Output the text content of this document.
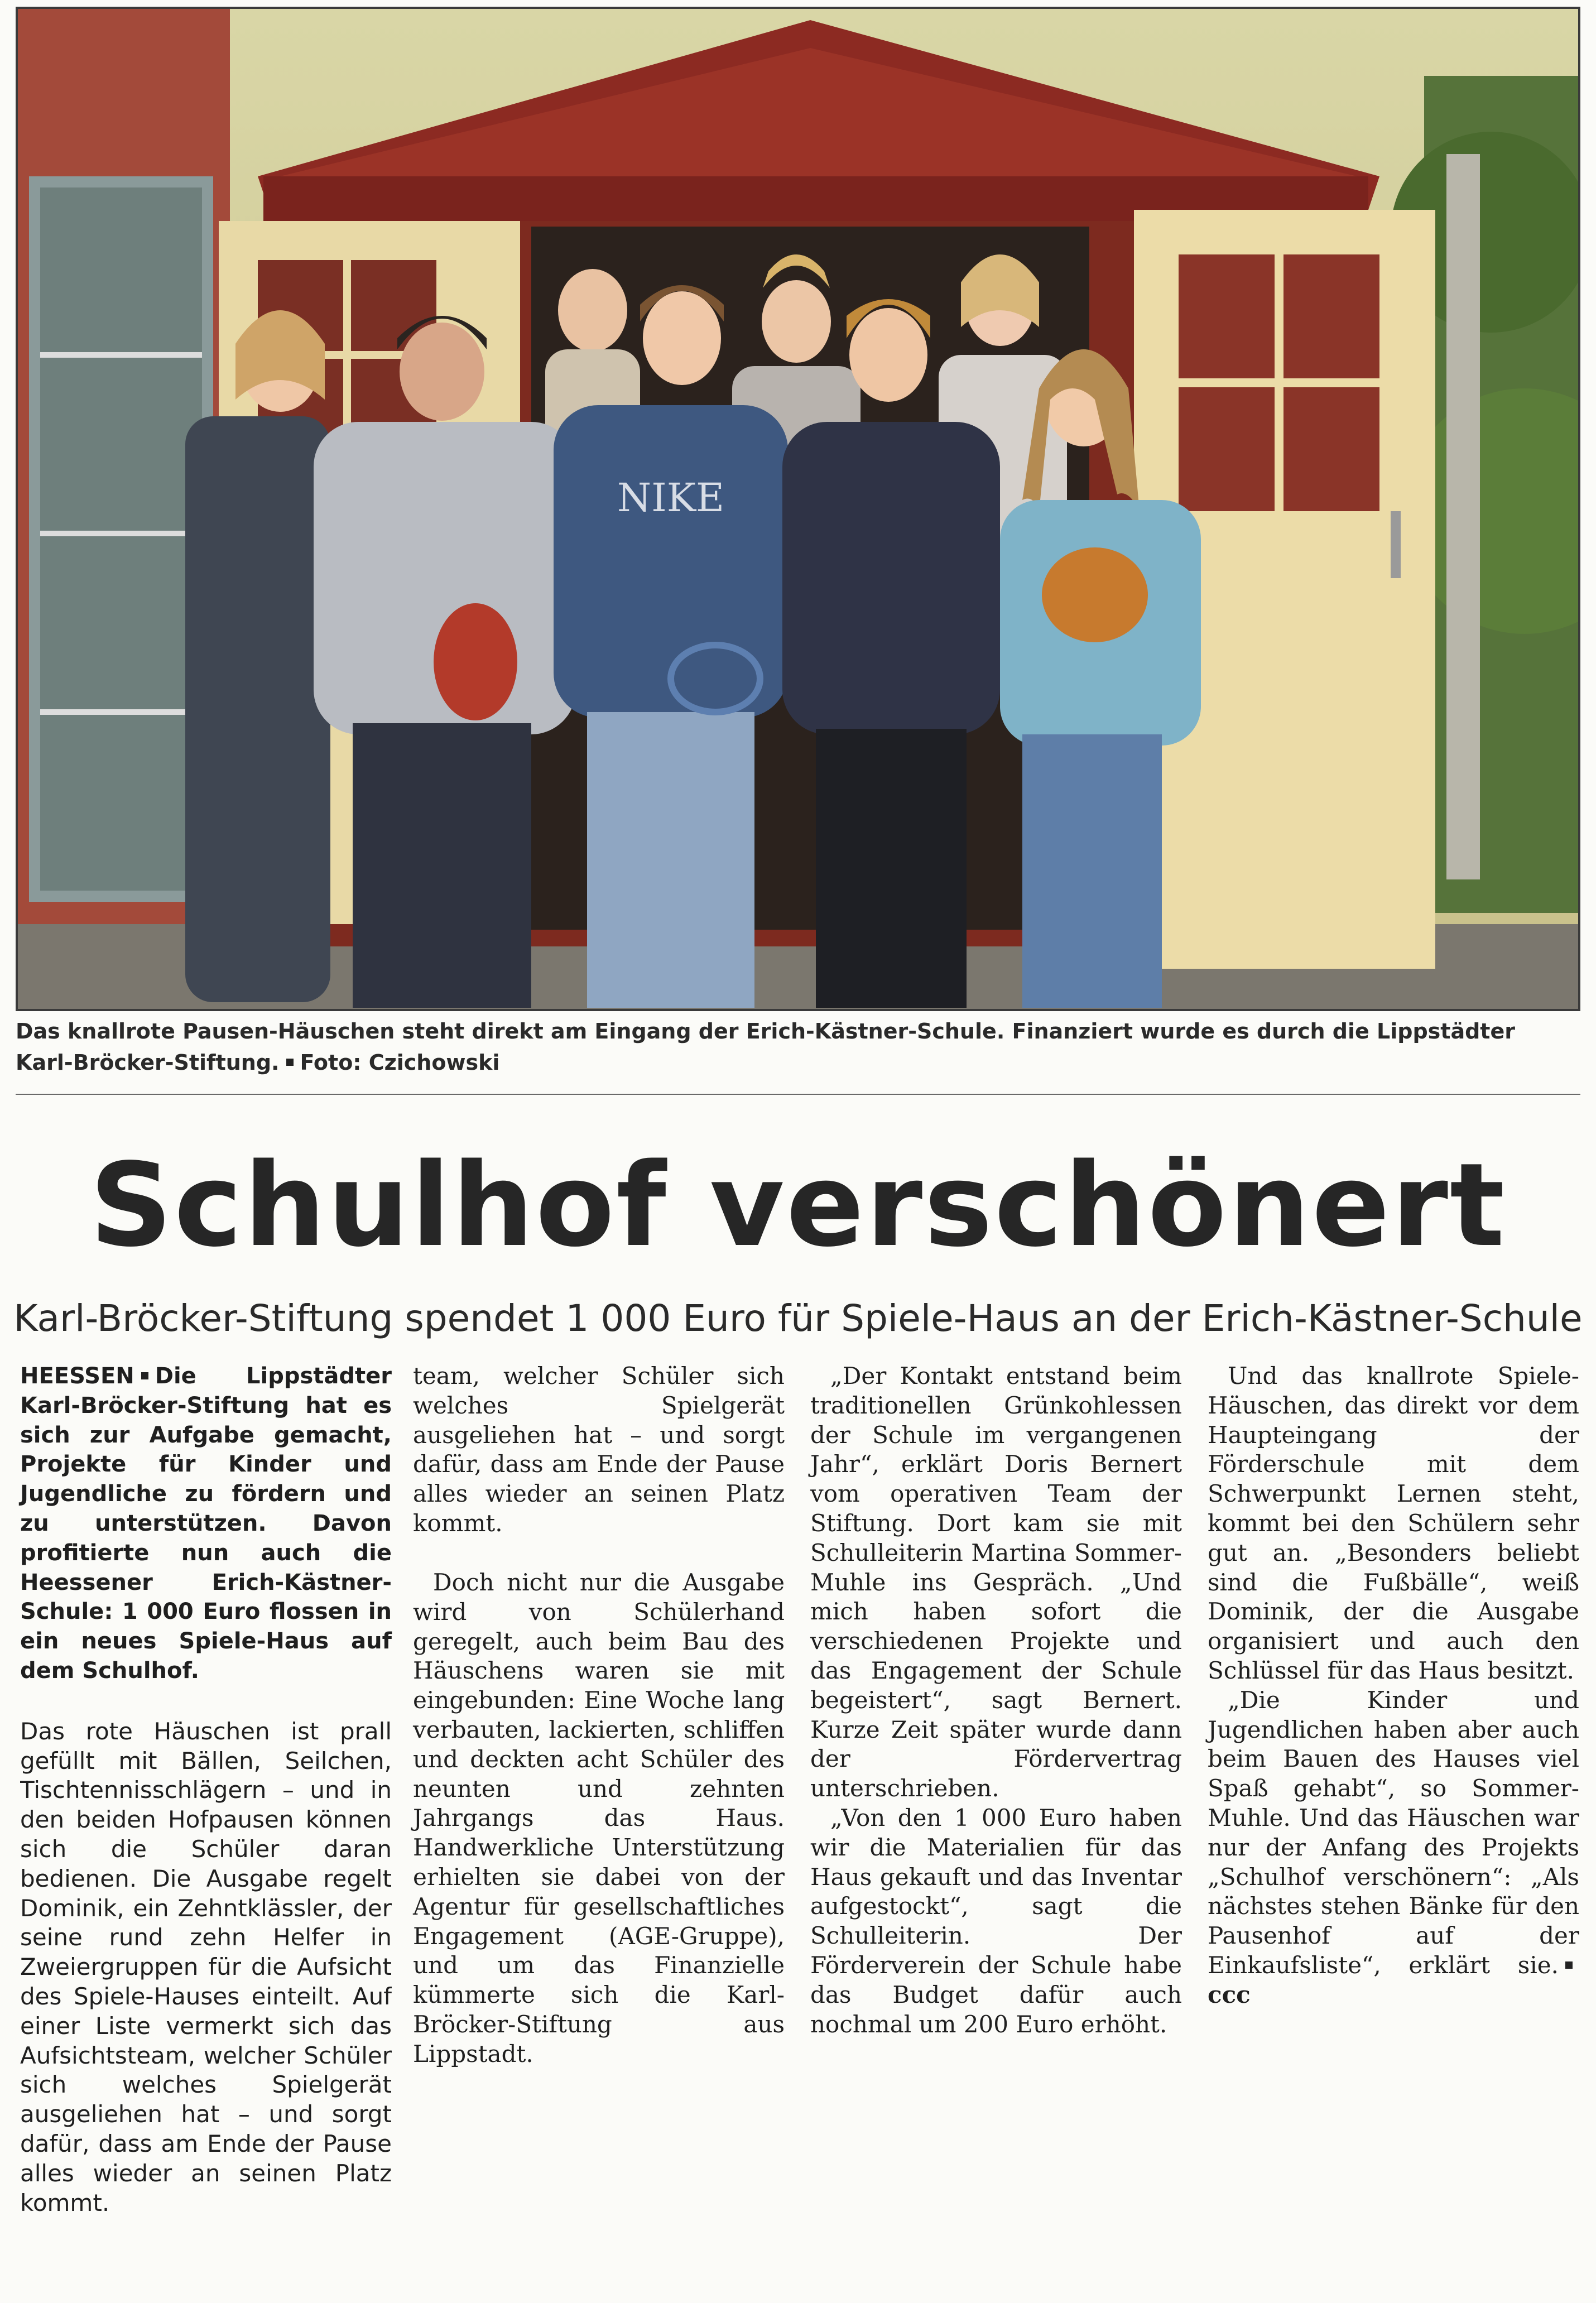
NIKE
Das knallrote Pausen-Häuschen steht direkt am Eingang der Erich-Kästner-Schule. Finanziert wurde es durch die Lippstädter Karl-Bröcker-Stiftung. Foto: Czichowski
Schulhof verschönert
Karl-Bröcker-Stiftung spendet 1 000 Euro für Spiele-Haus an der Erich-Kästner-Schule

HEESSEN Die Lippstädter Karl-Bröcker-Stiftung hat es sich zur Aufgabe gemacht, Projekte für Kinder und Jugendliche zu fördern und zu unterstützen. Davon profitierte nun auch die Heessener Erich-Kästner-Schule: 1 000 Euro flossen in ein neues Spiele-Haus auf dem Schulhof.

Das rote Häuschen ist prall gefüllt mit Bällen, Seilchen, Tischtennisschlägern – und in den beiden Hofpausen können sich die Schüler daran bedienen. Die Ausgabe regelt Dominik, ein Zehntklässler, der seine rund zehn Helfer in Zweiergruppen für die Aufsicht des Spiele-Hauses einteilt. Auf einer Liste vermerkt sich das Aufsichtsteam, welcher Schüler sich welches Spielgerät ausgeliehen hat – und sorgt dafür, dass am Ende der Pause alles wieder an seinen Platz kommt.

team, welcher Schüler sich welches Spielgerät ausgeliehen hat – und sorgt dafür, dass am Ende der Pause alles wieder an seinen Platz kommt.

Doch nicht nur die Ausgabe wird von Schülerhand geregelt, auch beim Bau des Häuschens waren sie mit eingebunden: Eine Woche lang verbauten, lackierten, schliffen und deckten acht Schüler des neunten und zehnten Jahrgangs das Haus. Handwerkliche Unterstützung erhielten sie dabei von der Agentur für gesellschaftliches Engagement (AGE-Gruppe), und um das Finanzielle kümmerte sich die Karl-Bröcker-Stiftung aus Lippstadt.

„Der Kontakt entstand beim traditionellen Grünkohlessen der Schule im vergangenen Jahr“, erklärt Doris Bernert vom operativen Team der Stiftung. Dort kam sie mit Schulleiterin Martina Sommer-Muhle ins Gespräch. „Und mich haben sofort die verschiedenen Projekte und das Engagement der Schule begeistert“, sagt Bernert. Kurze Zeit später wurde dann der Fördervertrag unterschrieben.

„Von den 1 000 Euro haben wir die Materialien für das Haus gekauft und das Inventar aufgestockt“, sagt die Schulleiterin. Der Förderverein der Schule habe das Budget dafür auch nochmal um 200 Euro erhöht.

Und das knallrote Spiele-Häuschen, das direkt vor dem Haupteingang der Förderschule mit dem Schwerpunkt Lernen steht, kommt bei den Schülern sehr gut an. „Besonders beliebt sind die Fußbälle“, weiß Dominik, der die Ausgabe organisiert und auch den Schlüssel für das Haus besitzt.

„Die Kinder und Jugendlichen haben aber auch beim Bauen des Hauses viel Spaß gehabt“, so Sommer-Muhle. Und das Häuschen war nur der Anfang des Projekts „Schulhof verschönern“: „Als nächstes stehen Bänke für den Pausenhof auf der Einkaufsliste“, erklärt sie.ccc
